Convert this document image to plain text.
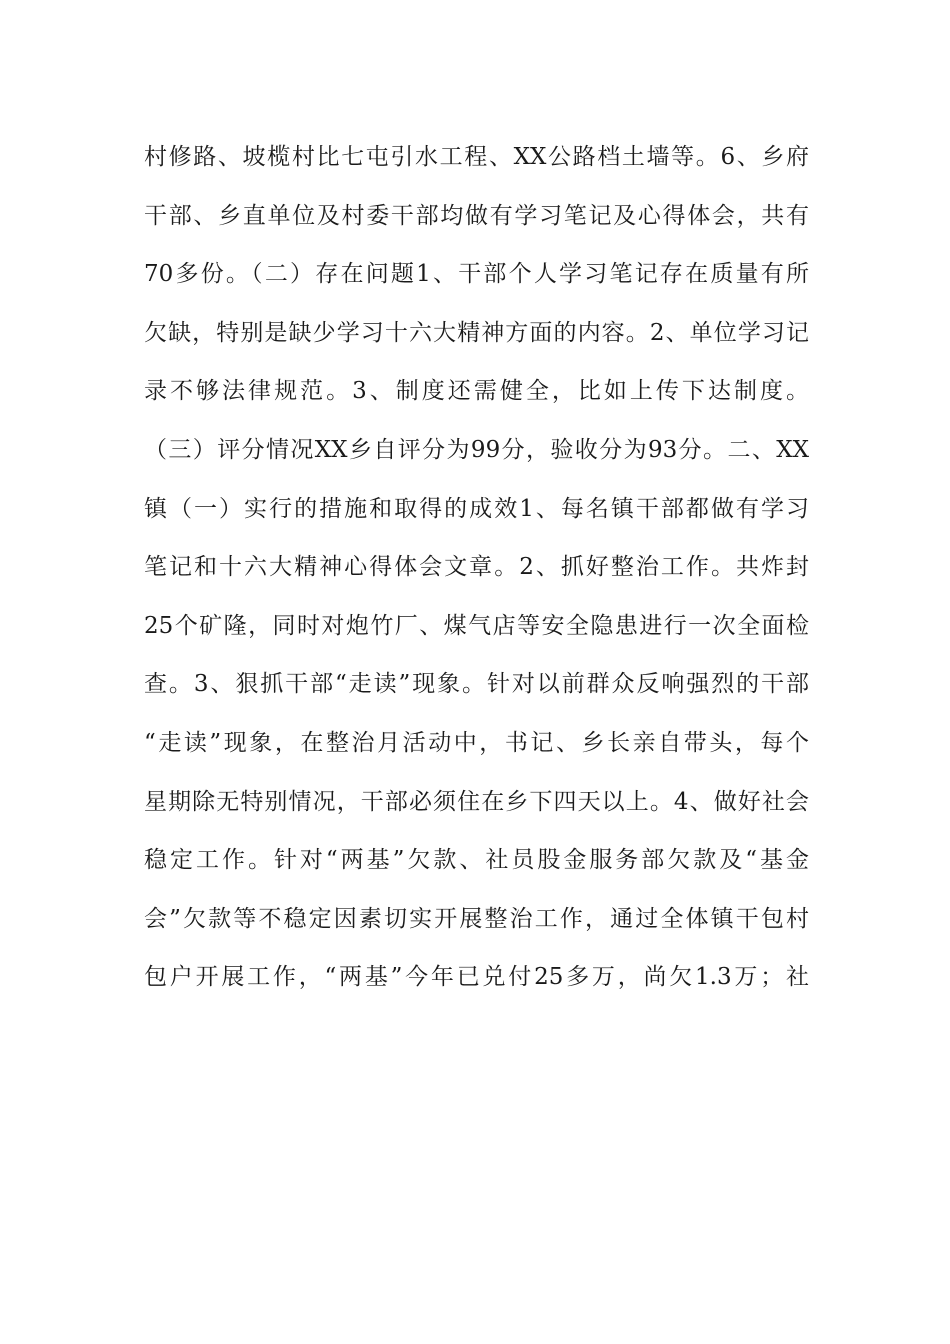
村修路、坡榄村比七屯引水工程、XX公路档土墙等。6、乡府
干部、乡直单位及村委干部均做有学习笔记及心得体会，共有
70多份。（二）存在问题1、干部个人学习笔记存在质量有所
欠缺，特别是缺少学习十六大精神方面的内容。2、单位学习记
录不够法律规范。3、制度还需健全，比如上传下达制度。
（三）评分情况XX乡自评分为99分，验收分为93分。二、XX
镇（一）实行的措施和取得的成效1、每名镇干部都做有学习
笔记和十六大精神心得体会文章。2、抓好整治工作。共炸封
25个矿隆，同时对炮竹厂、煤气店等安全隐患进行一次全面检
查。3、狠抓干部“走读”现象。针对以前群众反响强烈的干部
“走读”现象，在整治月活动中，书记、乡长亲自带头，每个
星期除无特别情况，干部必须住在乡下四天以上。4、做好社会
稳定工作。针对“两基”欠款、社员股金服务部欠款及“基金
会”欠款等不稳定因素切实开展整治工作，通过全体镇干包村
包户开展工作，“两基”今年已兑付25多万，尚欠1.3万；社
